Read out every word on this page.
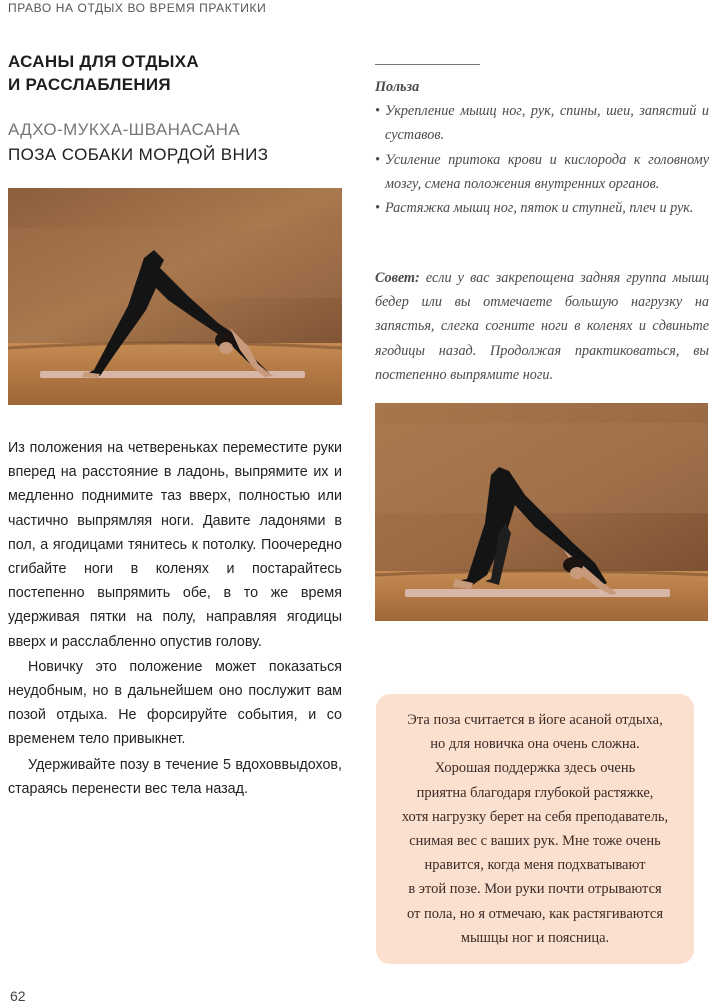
ПРАВО НА ОТДЫХ ВО ВРЕМЯ ПРАКТИКИ
АСАНЫ ДЛЯ ОТДЫХА
И РАССЛАБЛЕНИЯ
АДХО-МУКХА-ШВАНАСАНА
ПОЗА СОБАКИ МОРДОЙ ВНИЗ

Из положения на четвереньках переместите руки вперед на расстояние в ладонь, выпрямите их и медленно поднимите таз вверх, полностью или частично выпрямляя ноги. Давите ладонями в пол, а ягодицами тянитесь к потолку. Поочередно сгибайте ноги в коленях и постарайтесь постепенно выпрямить обе, в то же время удерживая пятки на полу, направляя ягодицы вверх и расслабленно опустив голову.

Новичку это положение может показаться неудобным, но в дальнейшем оно послужит вам позой отдыха. Не форсируйте события, и со временем тело привыкнет.

Удерживайте позу в течение 5 вдоховвыдохов, стараясь перенести вес тела назад.

Польза
• Укрепление мышц ног, рук, спины, шеи, запястий и суставов.
• Усиление притока крови и кислорода к головному мозгу, смена положения внутренних органов.
• Растяжка мышц ног, пяток и ступней, плеч и рук.
Совет: если у вас закрепощена задняя группа мышц бедер или вы отмечаете большую нагрузку на запястья, слегка согните ноги в коленях и сдвиньте ягодицы назад. Продолжая практиковаться, вы постепенно выпрямите ноги.

Эта поза считается в йоге асаной отдыха,
но для новичка она очень сложна.
Хорошая поддержка здесь очень
приятна благодаря глубокой растяжке,
хотя нагрузку берет на себя преподаватель,
снимая вес с ваших рук. Мне тоже очень
нравится, когда меня подхватывают
в этой позе. Мои руки почти отрываются
от пола, но я отмечаю, как растягиваются
мышцы ног и поясница.

62
